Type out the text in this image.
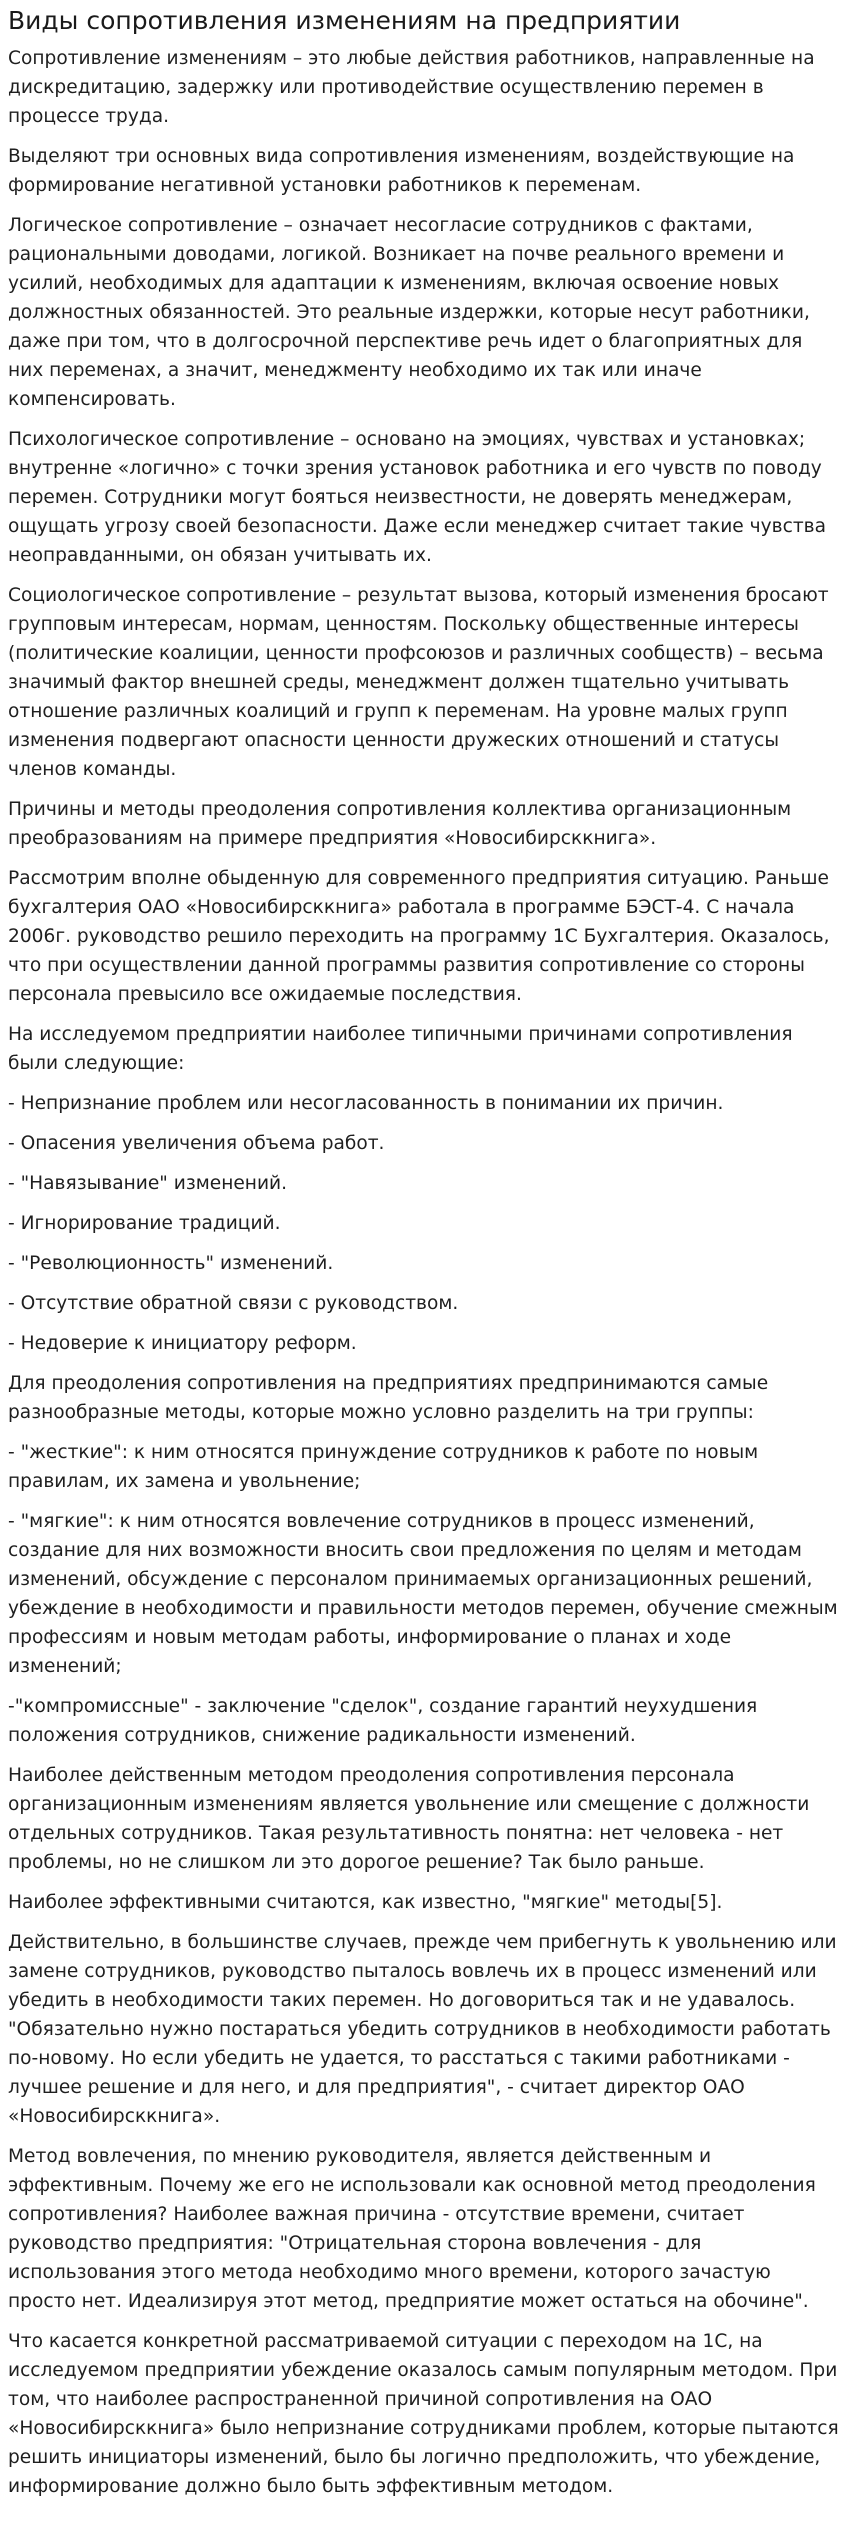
Виды сопротивления изменениям на предприятии

Сопротивление изменениям – это любые действия работников, направленные на дискредитацию, задержку или противодействие осуществлению перемен в процессе труда.

Выделяют три основных вида сопротивления изменениям, воздействующие на формирование негативной установки работников к переменам.

Логическое сопротивление – означает несогласие сотрудников с фактами, рациональными доводами, логикой. Возникает на почве реального времени и усилий, необходимых для адаптации к изменениям, включая освоение новых должностных обязанностей. Это реальные издержки, которые несут работники, даже при том, что в долгосрочной перспективе речь идет о благоприятных для них переменах, а значит, менеджменту необходимо их так или иначе компенсировать.

Психологическое сопротивление – основано на эмоциях, чувствах и установках; внутренне «логично» с точки зрения установок работника и его чувств по поводу перемен. Сотрудники могут бояться неизвестности, не доверять менеджерам, ощущать угрозу своей безопасности. Даже если менеджер считает такие чувства неоправданными, он обязан учитывать их.

Социологическое сопротивление – результат вызова, который изменения бросают групповым интересам, нормам, ценностям. Поскольку общественные интересы (политические коалиции, ценности профсоюзов и различных сообществ) – весьма значимый фактор внешней среды, менеджмент должен тщательно учитывать отношение различных коалиций и групп к переменам. На уровне малых групп изменения подвергают опасности ценности дружеских отношений и статусы членов команды.

Причины и методы преодоления сопротивления коллектива организационным преобразованиям на примере предприятия «Новосибирсккнига».

Рассмотрим вполне обыденную для современного предприятия ситуацию. Раньше бухгалтерия ОАО «Новосибирсккнига» работала в программе БЭСТ-4. С начала 2006г. руководство решило переходить на программу 1С Бухгалтерия. Оказалось, что при осуществлении данной программы развития сопротивление со стороны персонала превысило все ожидаемые последствия.

На исследуемом предприятии наиболее типичными причинами сопротивления были следующие:

- Непризнание проблем или несогласованность в понимании их причин.

- Опасения увеличения объема работ.

- "Навязывание" изменений.

- Игнорирование традиций.

- "Революционность" изменений.

- Отсутствие обратной связи с руководством.

- Недоверие к инициатору реформ.

Для преодоления сопротивления на предприятиях предпринимаются самые разнообразные методы, которые можно условно разделить на три группы:

- "жесткие": к ним относятся принуждение сотрудников к работе по новым правилам, их замена и увольнение;

- "мягкие": к ним относятся вовлечение сотрудников в процесс изменений, создание для них возможности вносить свои предложения по целям и методам изменений, обсуждение с персоналом принимаемых организационных решений, убеждение в необходимости и правильности методов перемен, обучение смежным профессиям и новым методам работы, информирование о планах и ходе изменений;

-"компромиссные" - заключение "сделок", создание гарантий неухудшения положения сотрудников, снижение радикальности изменений.

Наиболее действенным методом преодоления сопротивления персонала организационным изменениям является увольнение или смещение с должности отдельных сотрудников. Такая результативность понятна: нет человека - нет проблемы, но не слишком ли это дорогое решение? Так было раньше.

Наиболее эффективными считаются, как известно, "мягкие" методы[5].

Действительно, в большинстве случаев, прежде чем прибегнуть к увольнению или замене сотрудников, руководство пыталось вовлечь их в процесс изменений или убедить в необходимости таких перемен. Но договориться так и не удавалось. "Обязательно нужно постараться убедить сотрудников в необходимости работать по-новому. Но если убедить не удается, то расстаться с такими работниками - лучшее решение и для него, и для предприятия", - считает директор ОАО «Новосибирсккнига».

Метод вовлечения, по мнению руководителя, является действенным и эффективным. Почему же его не использовали как основной метод преодоления сопротивления? Наиболее важная причина - отсутствие времени, считает руководство предприятия: "Отрицательная сторона вовлечения - для использования этого метода необходимо много времени, которого зачастую просто нет. Идеализируя этот метод, предприятие может остаться на обочине".

Что касается конкретной рассматриваемой ситуации с переходом на 1С, на исследуемом предприятии убеждение оказалось самым популярным методом. При том, что наиболее распространенной причиной сопротивления на ОАО «Новосибирсккнига» было непризнание сотрудниками проблем, которые пытаются решить инициаторы изменений, было бы логично предположить, что убеждение, информирование должно было быть эффективным методом.
